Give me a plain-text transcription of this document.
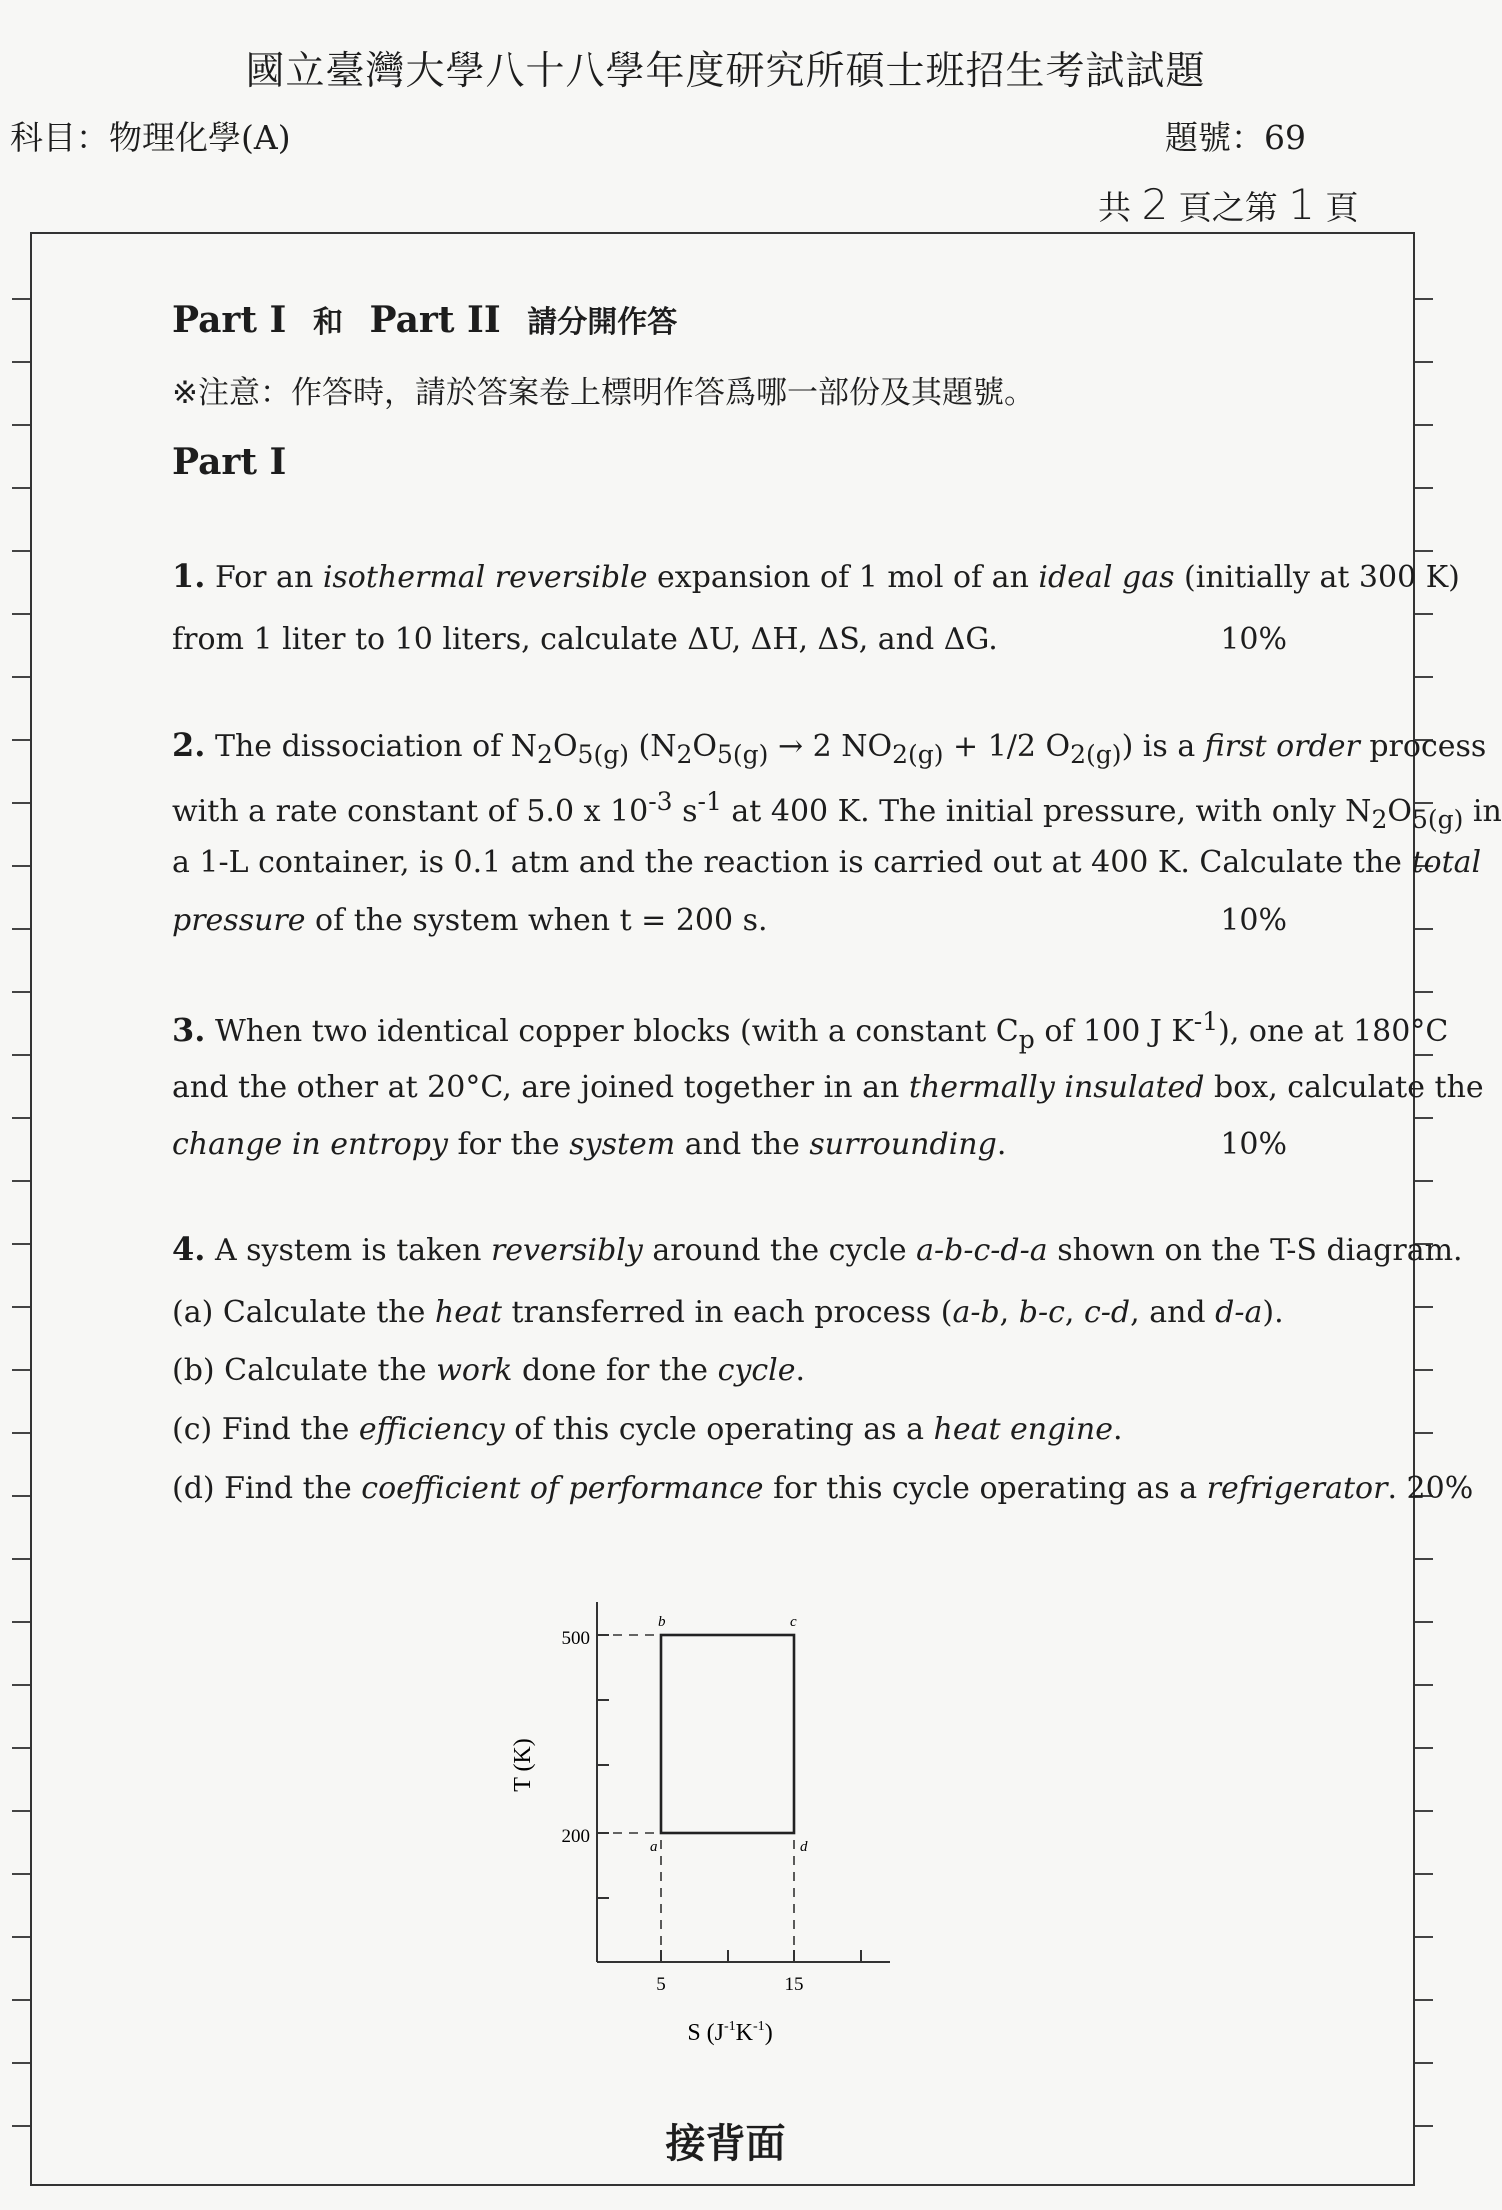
國立臺灣大學八十八學年度研究所碩士班招生考試試題
科目：物理化學(A)	題號：69
共 2 頁之第 1 頁
Part I 和 Part II 請分開作答
※注意：作答時，請於答案卷上標明作答爲哪一部份及其題號。
Part I
1. For an isothermal reversible expansion of 1 mol of an ideal gas (initially at 300 K)
from 1 liter to 10 liters, calculate ΔU, ΔH, ΔS, and ΔG.	10%
2. The dissociation of $N_2O_{5(g)}$ ($N_2O_{5(g)} \to 2$ $NO_{2(g)} + 1/2$ $O_{2(g)}$) is a first order process
with a rate constant of 5.0 x $10^{-3}$ $s^{-1}$ at 400 K. The initial pressure, with only $N_2O_{5(g)}$ in
a 1-L container, is 0.1 atm and the reaction is carried out at 400 K. Calculate the total
pressure of the system when t = 200 s.	10%
3. When two identical copper blocks (with a constant $C_p$ of 100 J $K^{-1}$), one at 180°C
and the other at 20°C, are joined together in an thermally insulated box, calculate the
change in entropy for the system and the surrounding.	10%
4. A system is taken reversibly around the cycle a-b-c-d-a shown on the T-S diagram.
(a) Calculate the heat transferred in each process (a-b, b-c, c-d, and d-a).
(b) Calculate the work done for the cycle.
(c) Find the efficiency of this cycle operating as a heat engine.
(d) Find the coefficient of performance for this cycle operating as a refrigerator. 20%
500
200
5	15
b	c
a	d
T (K)
S $(J^{-1}K^{-1})$
接背面
